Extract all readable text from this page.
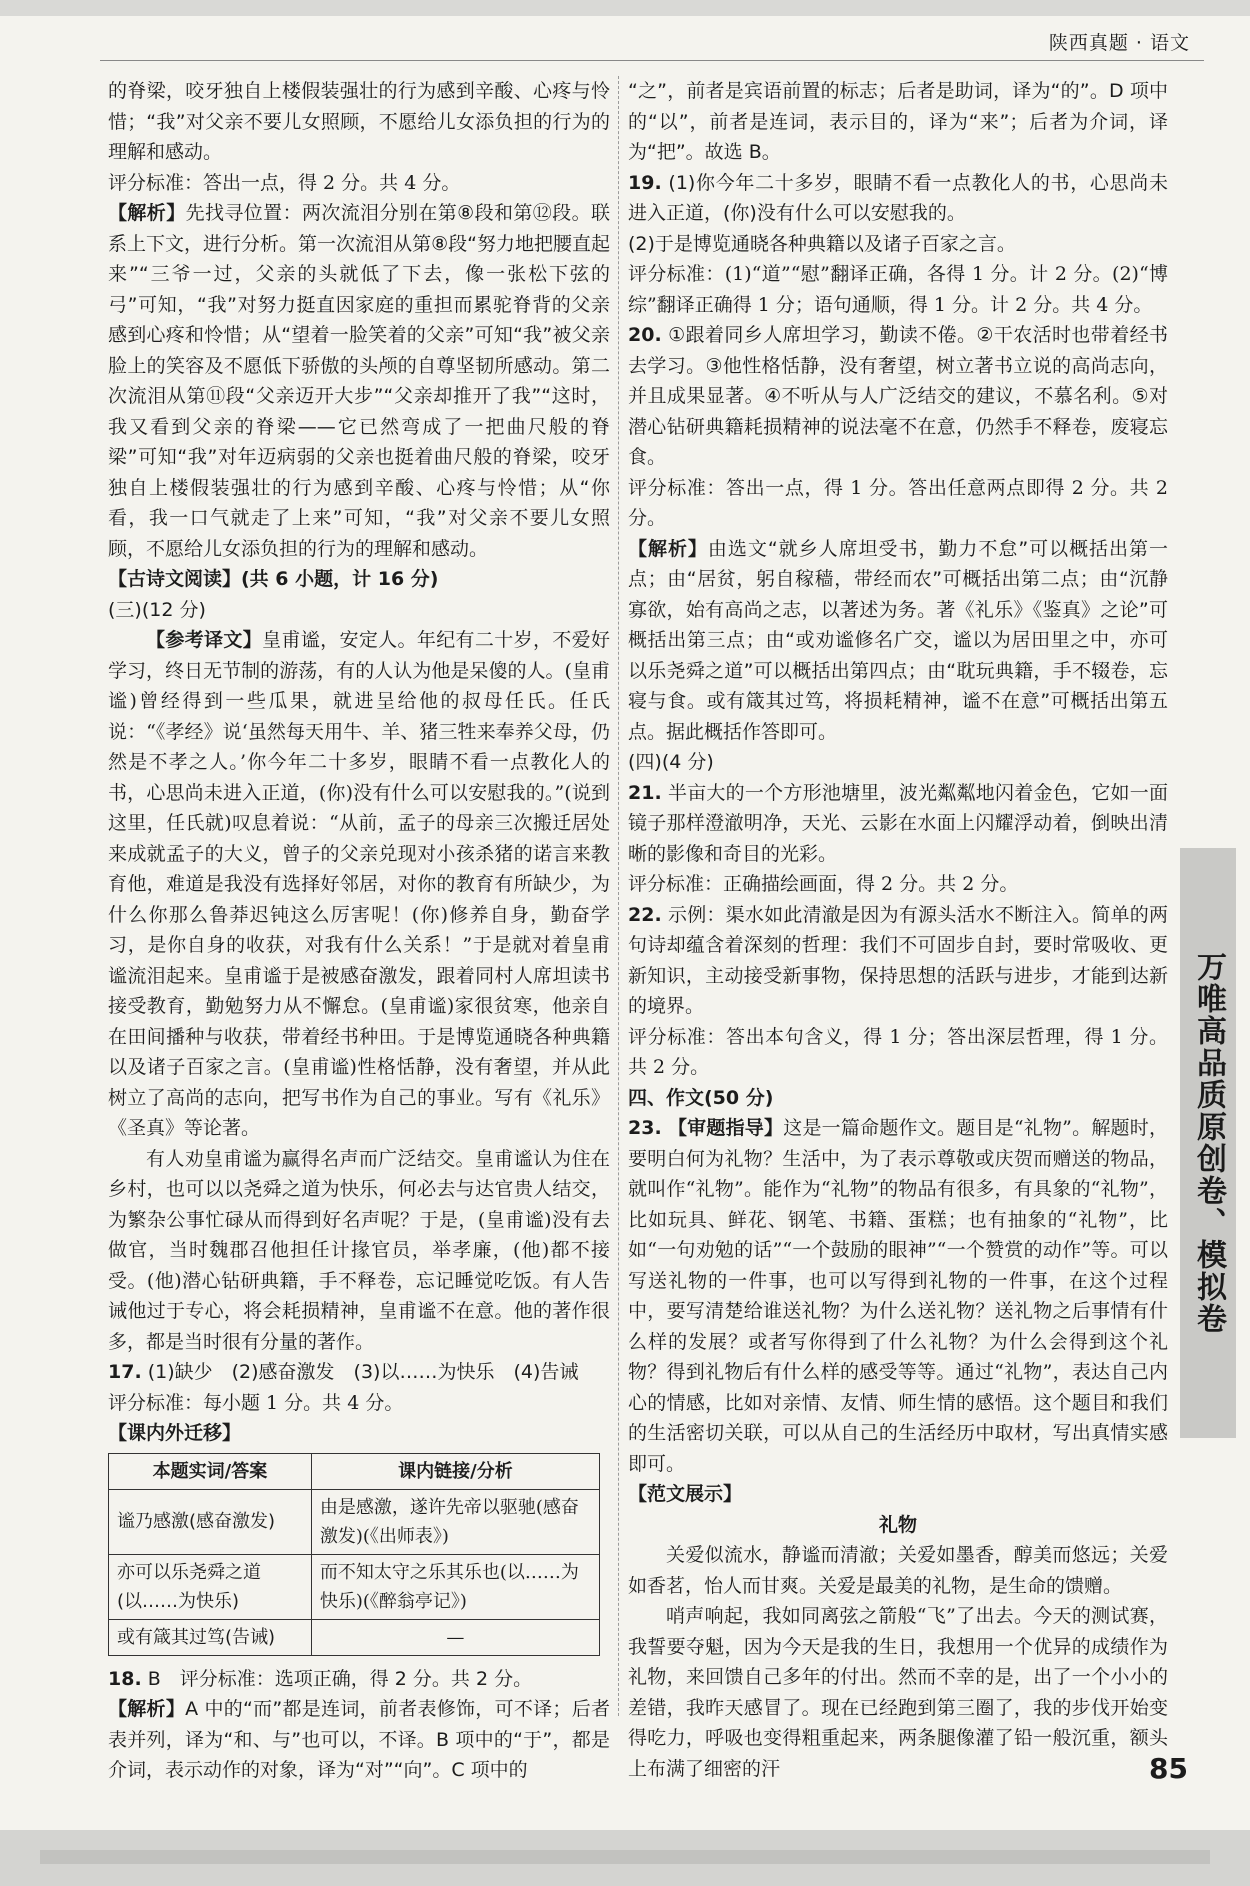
陕西真题 · 语文

的脊梁，咬牙独自上楼假装强壮的行为感到辛酸、心疼与怜惜；“我”对父亲不要儿女照顾，不愿给儿女添负担的行为的理解和感动。

评分标准：答出一点，得 2 分。共 4 分。

【解析】先找寻位置：两次流泪分别在第⑧段和第⑫段。联系上下文，进行分析。第一次流泪从第⑧段“努力地把腰直起来”“三爷一过，父亲的头就低了下去，像一张松下弦的弓”可知，“我”对努力挺直因家庭的重担而累驼脊背的父亲感到心疼和怜惜；从“望着一脸笑着的父亲”可知“我”被父亲脸上的笑容及不愿低下骄傲的头颅的自尊坚韧所感动。第二次流泪从第⑪段“父亲迈开大步”“父亲却推开了我”“这时，我又看到父亲的脊梁——它已然弯成了一把曲尺般的脊梁”可知“我”对年迈病弱的父亲也挺着曲尺般的脊梁，咬牙独自上楼假装强壮的行为感到辛酸、心疼与怜惜；从“你看，我一口气就走了上来”可知，“我”对父亲不要儿女照顾，不愿给儿女添负担的行为的理解和感动。

【古诗文阅读】(共 6 小题，计 16 分)

(三)(12 分)

【参考译文】皇甫谧，安定人。年纪有二十岁，不爱好学习，终日无节制的游荡，有的人认为他是呆傻的人。(皇甫谧)曾经得到一些瓜果，就进呈给他的叔母任氏。任氏说：“《孝经》说‘虽然每天用牛、羊、猪三牲来奉养父母，仍然是不孝之人。’你今年二十多岁，眼睛不看一点教化人的书，心思尚未进入正道，(你)没有什么可以安慰我的。”(说到这里，任氏就)叹息着说：“从前，孟子的母亲三次搬迁居处来成就孟子的大义，曾子的父亲兑现对小孩杀猪的诺言来教育他，难道是我没有选择好邻居，对你的教育有所缺少，为什么你那么鲁莽迟钝这么厉害呢！(你)修养自身，勤奋学习，是你自身的收获，对我有什么关系！”于是就对着皇甫谧流泪起来。皇甫谧于是被感奋激发，跟着同村人席坦读书接受教育，勤勉努力从不懈怠。(皇甫谧)家很贫寒，他亲自在田间播种与收获，带着经书种田。于是博览通晓各种典籍以及诸子百家之言。(皇甫谧)性格恬静，没有奢望，并从此树立了高尚的志向，把写书作为自己的事业。写有《礼乐》《圣真》等论著。

有人劝皇甫谧为赢得名声而广泛结交。皇甫谧认为住在乡村，也可以以尧舜之道为快乐，何必去与达官贵人结交，为繁杂公事忙碌从而得到好名声呢？于是，(皇甫谧)没有去做官，当时魏郡召他担任计掾官员，举孝廉，(他)都不接受。(他)潜心钻研典籍，手不释卷，忘记睡觉吃饭。有人告诫他过于专心，将会耗损精神，皇甫谧不在意。他的著作很多，都是当时很有分量的著作。

17. (1)缺少　(2)感奋激发　(3)以……为快乐　(4)告诫

评分标准：每小题 1 分。共 4 分。

【课内外迁移】

本题实词/答案	课内链接/分析
谧乃感激(感奋激发)	由是感激，遂许先帝以驱驰(感奋激发)(《出师表》)
亦可以乐尧舜之道(以……为快乐)	而不知太守之乐其乐也(以……为快乐)(《醉翁亭记》)
或有箴其过笃(告诫)	—

18. B　评分标准：选项正确，得 2 分。共 2 分。

【解析】A 中的“而”都是连词，前者表修饰，可不译；后者表并列，译为“和、与”也可以，不译。B 项中的“于”，都是介词，表示动作的对象，译为“对”“向”。C 项中的

“之”，前者是宾语前置的标志；后者是助词，译为“的”。D 项中的“以”，前者是连词，表示目的，译为“来”；后者为介词，译为“把”。故选 B。

19. (1)你今年二十多岁，眼睛不看一点教化人的书，心思尚未进入正道，(你)没有什么可以安慰我的。

(2)于是博览通晓各种典籍以及诸子百家之言。

评分标准：(1)“道”“慰”翻译正确，各得 1 分。计 2 分。(2)“博综”翻译正确得 1 分；语句通顺，得 1 分。计 2 分。共 4 分。

20. ①跟着同乡人席坦学习，勤读不倦。②干农活时也带着经书去学习。③他性格恬静，没有奢望，树立著书立说的高尚志向，并且成果显著。④不听从与人广泛结交的建议，不慕名利。⑤对潜心钻研典籍耗损精神的说法毫不在意，仍然手不释卷，废寝忘食。

评分标准：答出一点，得 1 分。答出任意两点即得 2 分。共 2 分。

【解析】由选文“就乡人席坦受书，勤力不怠”可以概括出第一点；由“居贫，躬自稼穑，带经而农”可概括出第二点；由“沉静寡欲，始有高尚之志，以著述为务。著《礼乐》《鉴真》之论”可概括出第三点；由“或劝谧修名广交，谧以为居田里之中，亦可以乐尧舜之道”可以概括出第四点；由“耽玩典籍，手不辍卷，忘寝与食。或有箴其过笃，将损耗精神，谧不在意”可概括出第五点。据此概括作答即可。

(四)(4 分)

21. 半亩大的一个方形池塘里，波光粼粼地闪着金色，它如一面镜子那样澄澈明净，天光、云影在水面上闪耀浮动着，倒映出清晰的影像和奇目的光彩。

评分标准：正确描绘画面，得 2 分。共 2 分。

22. 示例：渠水如此清澈是因为有源头活水不断注入。简单的两句诗却蕴含着深刻的哲理：我们不可固步自封，要时常吸收、更新知识，主动接受新事物，保持思想的活跃与进步，才能到达新的境界。

评分标准：答出本句含义，得 1 分；答出深层哲理，得 1 分。共 2 分。

四、作文(50 分)

23. 【审题指导】这是一篇命题作文。题目是“礼物”。解题时，要明白何为礼物？生活中，为了表示尊敬或庆贺而赠送的物品，就叫作“礼物”。能作为“礼物”的物品有很多，有具象的“礼物”，比如玩具、鲜花、钢笔、书籍、蛋糕；也有抽象的“礼物”，比如“一句劝勉的话”“一个鼓励的眼神”“一个赞赏的动作”等。可以写送礼物的一件事，也可以写得到礼物的一件事，在这个过程中，要写清楚给谁送礼物？为什么送礼物？送礼物之后事情有什么样的发展？或者写你得到了什么礼物？为什么会得到这个礼物？得到礼物后有什么样的感受等等。通过“礼物”，表达自己内心的情感，比如对亲情、友情、师生情的感悟。这个题目和我们的生活密切关联，可以从自己的生活经历中取材，写出真情实感即可。

【范文展示】

礼物

关爱似流水，静谧而清澈；关爱如墨香，醇美而悠远；关爱如香茗，怡人而甘爽。关爱是最美的礼物，是生命的馈赠。

哨声响起，我如同离弦之箭般“飞”了出去。今天的测试赛，我誓要夺魁，因为今天是我的生日，我想用一个优异的成绩作为礼物，来回馈自己多年的付出。然而不幸的是，出了一个小小的差错，我昨天感冒了。现在已经跑到第三圈了，我的步伐开始变得吃力，呼吸也变得粗重起来，两条腿像灌了铅一般沉重，额头上布满了细密的汗

万唯高品质原创卷、模拟卷
85
